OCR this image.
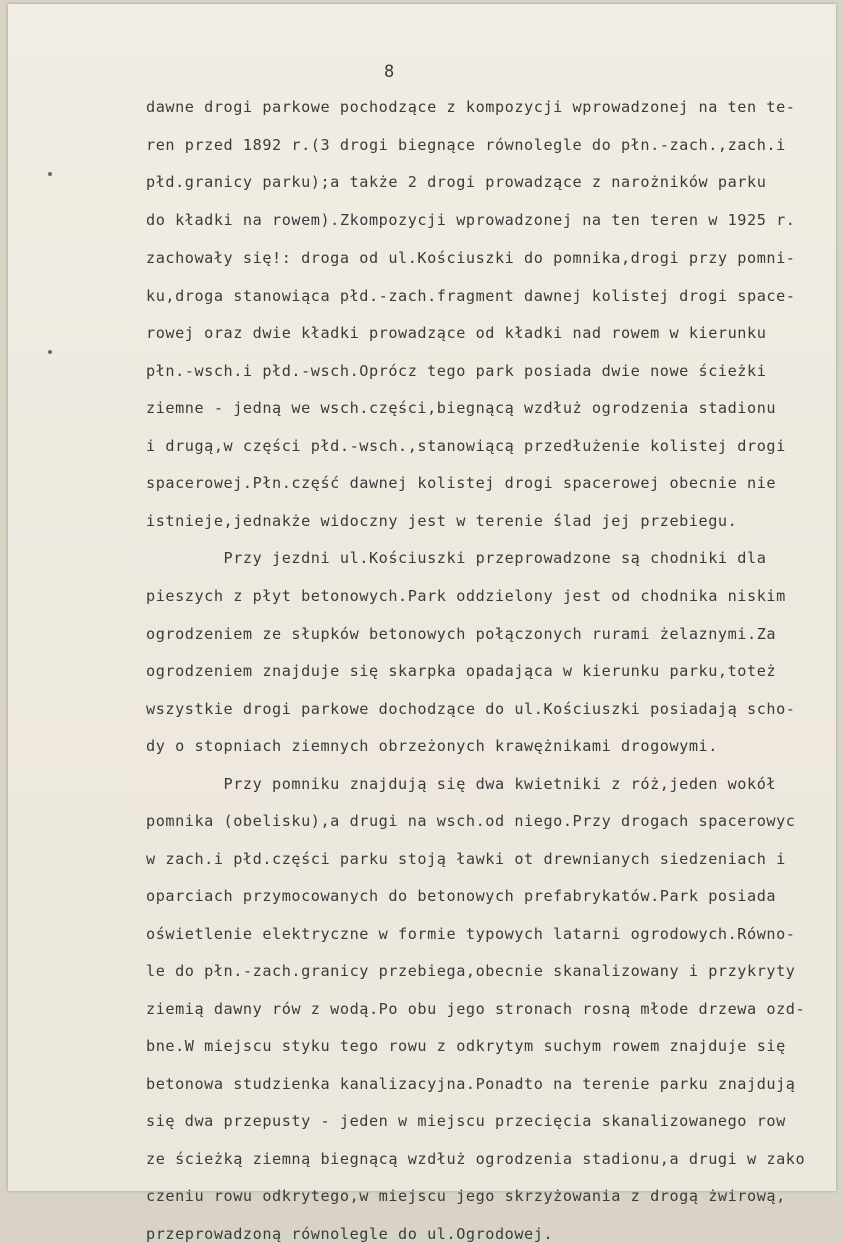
8
dawne drogi parkowe pochodzące z kompozycji wprowadzonej na ten te-
ren przed 1892 r.(3 drogi biegnące równolegle do płn.-zach.,zach.i
płd.granicy parku);a także 2 drogi prowadzące z narożników parku
do kładki na rowem).Zkompozycji wprowadzonej na ten teren w 1925 r.
zachowały się!: droga od ul.Kościuszki do pomnika,drogi przy pomni-
ku,droga stanowiąca płd.-zach.fragment dawnej kolistej drogi space-
rowej oraz dwie kładki prowadzące od kładki nad rowem w kierunku
płn.-wsch.i płd.-wsch.Oprócz tego park posiada dwie nowe ścieżki
ziemne - jedną we wsch.części,biegnącą wzdłuż ogrodzenia stadionu
i drugą,w części płd.-wsch.,stanowiącą przedłużenie kolistej drogi
spacerowej.Płn.część dawnej kolistej drogi spacerowej obecnie nie
istnieje,jednakże widoczny jest w terenie ślad jej przebiegu.
Przy jezdni ul.Kościuszki przeprowadzone są chodniki dla
pieszych z płyt betonowych.Park oddzielony jest od chodnika niskim
ogrodzeniem ze słupków betonowych połączonych rurami żelaznymi.Za
ogrodzeniem znajduje się skarpka opadająca w kierunku parku,toteż
wszystkie drogi parkowe dochodzące do ul.Kościuszki posiadają scho-
dy o stopniach ziemnych obrzeżonych krawężnikami drogowymi.
Przy pomniku znajdują się dwa kwietniki z róż,jeden wokół
pomnika (obelisku),a drugi na wsch.od niego.Przy drogach spacerowyc
w zach.i płd.części parku stoją ławki ot drewnianych siedzeniach i
oparciach przymocowanych do betonowych prefabrykatów.Park posiada
oświetlenie elektryczne w formie typowych latarni ogrodowych.Równo-
le do płn.-zach.granicy przebiega,obecnie skanalizowany i przykryty
ziemią dawny rów z wodą.Po obu jego stronach rosną młode drzewa ozd-
bne.W miejscu styku tego rowu z odkrytym suchym rowem znajduje się
betonowa studzienka kanalizacyjna.Ponadto na terenie parku znajdują
się dwa przepusty - jeden w miejscu przecięcia skanalizowanego row
ze ścieżką ziemną biegnącą wzdłuż ogrodzenia stadionu,a drugi w zako
czeniu rowu odkrytego,w miejscu jego skrzyżowania z drogą żwirową,
przeprowadzoną równolegle do ul.Ogrodowej.
